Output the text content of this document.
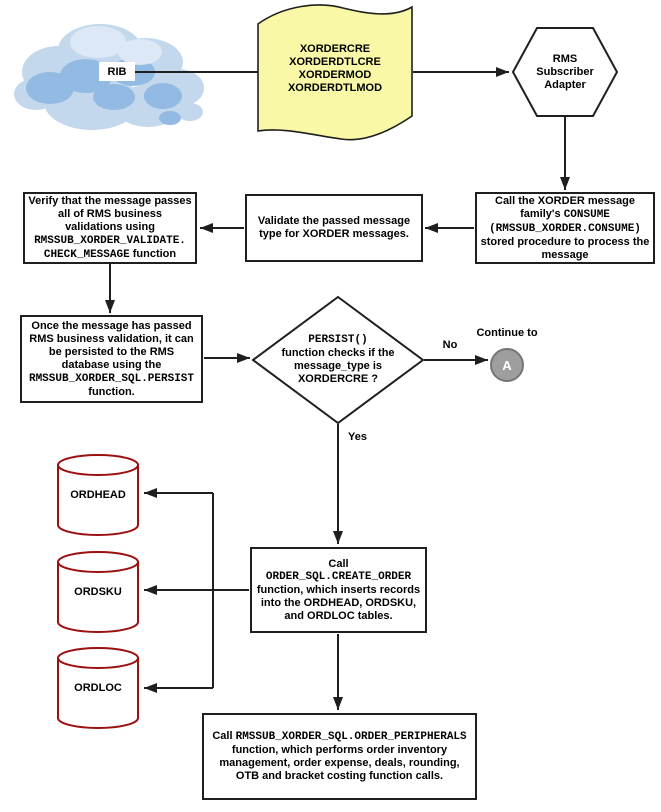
RIB
XORDERCRE
XORDERDTLCRE
XORDERMOD
XORDERDTLMOD
RMS
Subscriber
Adapter
Call the XORDER message family's CONSUME (RMSSUB_XORDER.CONSUME) stored procedure to process the message
Validate the passed message type for XORDER messages.
Verify that the message passes all of RMS business validations using RMSSUB_XORDER_VALIDATE. CHECK_MESSAGE function
Once the message has passed RMS business validation, it can be persisted to the RMS database using the RMSSUB_XORDER_SQL.PERSIST function.
PERSIST()
function checks if the message_type is XORDERCRE ?
No
Continue to
Yes
A
ORDHEAD
ORDSKU
ORDLOC
Call
ORDER_SQL.CREATE_ORDER
function, which inserts records into the ORDHEAD, ORDSKU, and ORDLOC tables.
Call RMSSUB_XORDER_SQL.ORDER_PERIPHERALS function, which performs order inventory management, order expense, deals, rounding, OTB and bracket costing function calls.
